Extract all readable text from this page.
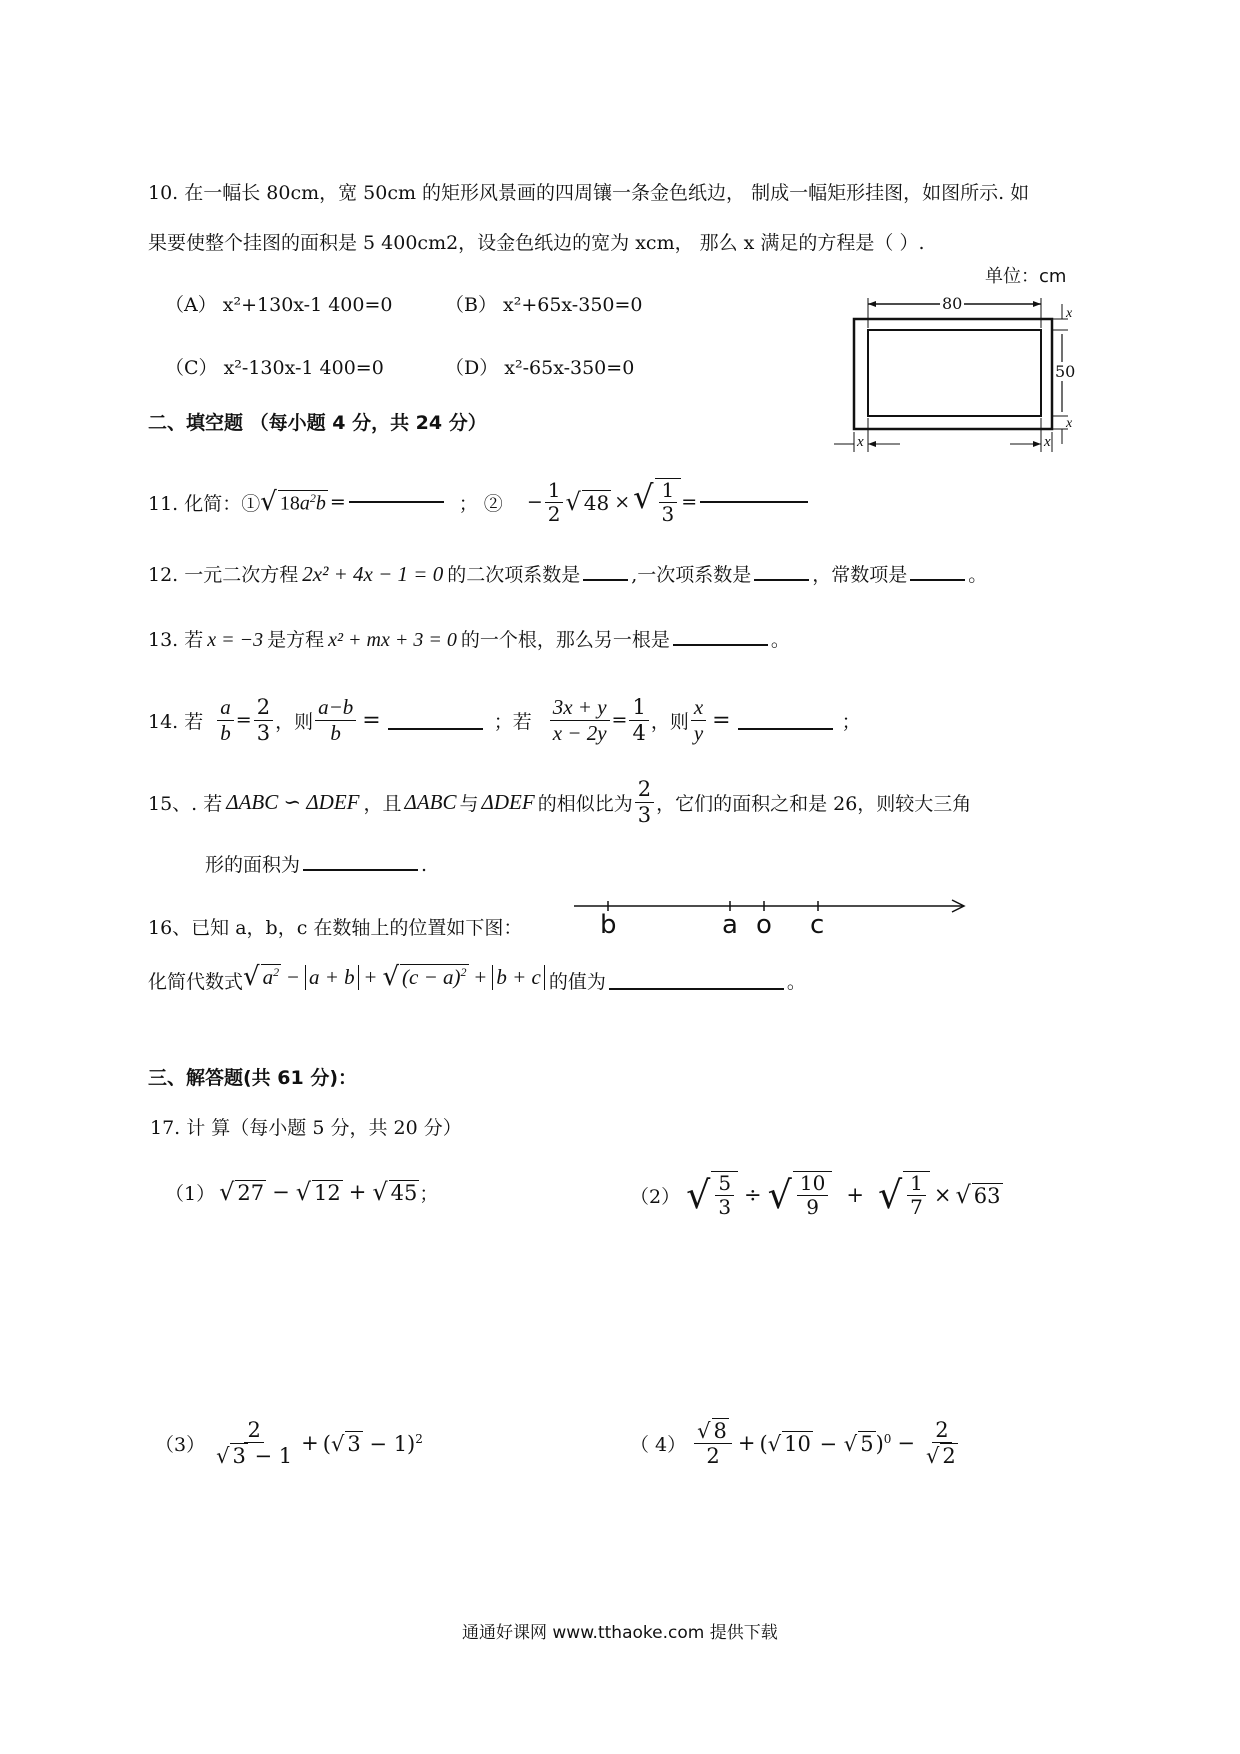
10. 在一幅长 80cm，宽 50cm 的矩形风景画的四周镶一条金色纸边， 制成一幅矩形挂图，如图所示. 如
果要使整个挂图的面积是 5 400cm2，设金色纸边的宽为 xcm， 那么 x 满足的方程是（ ）.
（A） x²+130x-1 400=0	（B） x²+65x-350=0
（C） x²-130x-1 400=0	（D） x²-65x-350=0
单位：cm
80
50
x	x
x
x
二、填空题 （每小题 4 分，共 24 分）
11. 化简：① √ $18a^2b$ =	； ② − $\frac{1}{2}$ √ 48 × √ $\frac{1}{3}$ =
12. 一元二次方程 2x² + 4x − 1 = 0 的二次项系数是	,一次项系数是	，常数项是	。
13. 若 x = −3 是方程 x² + mx + 3 = 0 的一个根，那么另一根是	。
14. 若 $\frac{a}{b} = \frac{2}{3}$ ，则 $\frac{a-b}{b}$ =	；若 $\frac{3x + y}{x - 2y} = \frac{1}{4}$ ，则 $\frac{x}{y}$ =	；
15、. 若 ΔABC ∽ ΔDEF ，且 ΔABC 与 ΔDEF 的相似比为 $\frac{2}{3}$ ，它们的面积之和是 26，则较大三角
形的面积为	.
16、已知 a，b，c 在数轴上的位置如下图：	b	a o c
化简代数式 √ $a^2 - a + b$ + √ $(c - a)^2 + b + c$ 的值为	。
三、解答题(共 61 分)：
17. 计 算（每小题 5 分，共 20 分）
（1） √ 27 − √ 12 + √ 45 ；	（2） √ $\frac{5}{3}$ ÷ √ $\frac{10}{9}$ + √ $\frac{1}{7}$ × √ 63
$(3) \frac{2}{√ 3 - 1}$ + (√ 3 − 1)$^2$	（ $4) \frac{√ 8}{2}$ + (√ 10 − √ $5)^0 - \frac{2}{√ 2}$
通通好课网 www.tthaoke.com 提供下载
